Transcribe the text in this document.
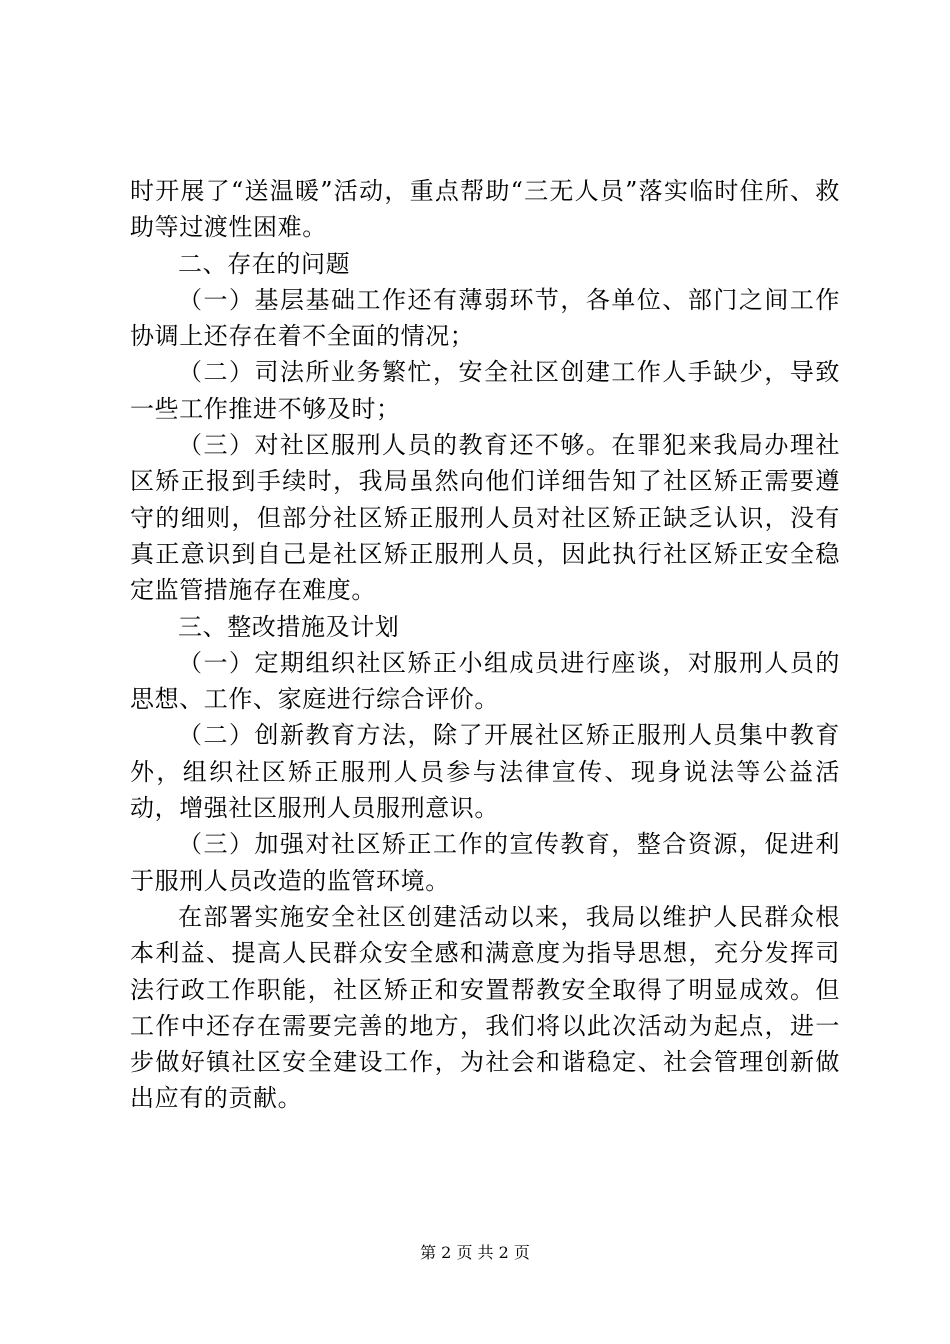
时开展了“送温暖”活动，重点帮助“三无人员”落实临时住所、救助等过渡性困难。

二、存在的问题

（一）基层基础工作还有薄弱环节，各单位、部门之间工作协调上还存在着不全面的情况；

（二）司法所业务繁忙，安全社区创建工作人手缺少，导致一些工作推进不够及时；

（三）对社区服刑人员的教育还不够。在罪犯来我局办理社区矫正报到手续时，我局虽然向他们详细告知了社区矫正需要遵守的细则，但部分社区矫正服刑人员对社区矫正缺乏认识，没有真正意识到自己是社区矫正服刑人员，因此执行社区矫正安全稳定监管措施存在难度。

三、整改措施及计划

（一）定期组织社区矫正小组成员进行座谈，对服刑人员的思想、工作、家庭进行综合评价。

（二）创新教育方法，除了开展社区矫正服刑人员集中教育外，组织社区矫正服刑人员参与法律宣传、现身说法等公益活动，增强社区服刑人员服刑意识。

（三）加强对社区矫正工作的宣传教育，整合资源，促进利于服刑人员改造的监管环境。

在部署实施安全社区创建活动以来，我局以维护人民群众根本利益、提高人民群众安全感和满意度为指导思想，充分发挥司法行政工作职能，社区矫正和安置帮教安全取得了明显成效。但工作中还存在需要完善的地方，我们将以此次活动为起点，进一步做好镇社区安全建设工作，为社会和谐稳定、社会管理创新做出应有的贡献。

第 2 页 共 2 页
